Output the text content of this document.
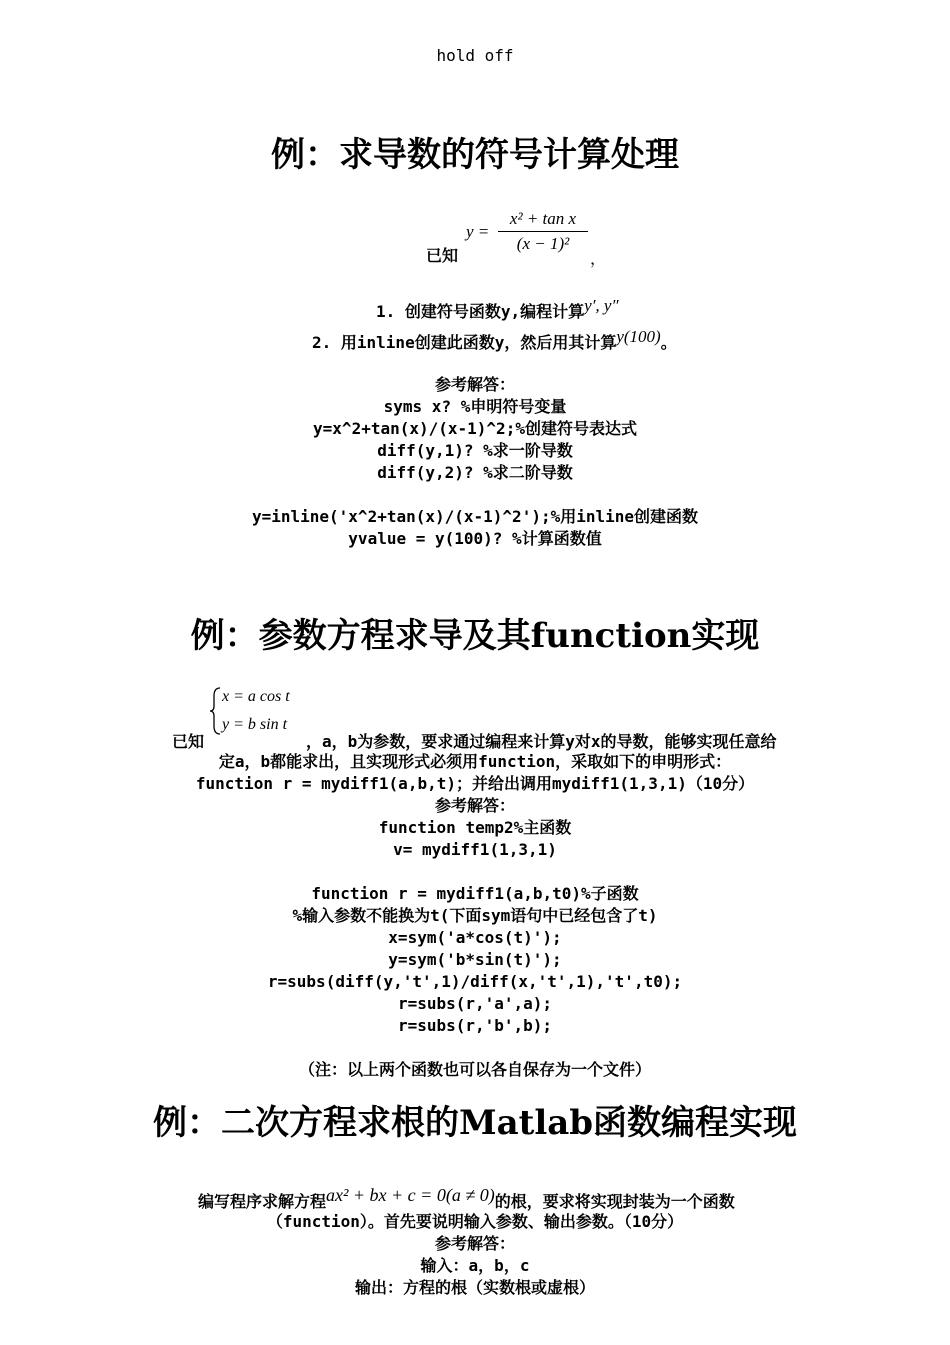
hold off
例：求导数的符号计算处理
已知
$y = \frac{\text{x² + tan x}}{\text{(x − 1)²}}$
，
1. 创建符号函数y,编程计算y′, y″
2. 用inline创建此函数y，然后用其计算y(100)。
参考解答：
syms x? %申明符号变量
y=x^2+tan(x)/(x-1)^2;%创建符号表达式
diff(y,1)? %求一阶导数
diff(y,2)? %求二阶导数
y=inline('x^2+tan(x)/(x-1)^2');%用inline创建函数
yvalue = y(100)? %计算函数值
例：参数方程求导及其function实现
已知
x = a cos t
y = b sin t
，a，b为参数，要求通过编程来计算y对x的导数，能够实现任意给
定a，b都能求出，且实现形式必须用function，采取如下的申明形式：
function r = mydiff1(a,b,t)；并给出调用mydiff1(1,3,1)（10分）
参考解答：
function temp2%主函数
v= mydiff1(1,3,1)
function r = mydiff1(a,b,t0)%子函数
%输入参数不能换为t(下面sym语句中已经包含了t)
x=sym('a*cos(t)');
y=sym('b*sin(t)');
r=subs(diff(y,'t',1)/diff(x,'t',1),'t',t0);
r=subs(r,'a',a);
r=subs(r,'b',b);
（注：以上两个函数也可以各自保存为一个文件）
例：二次方程求根的Matlab函数编程实现
编写程序求解方程ax² + bx + c = 0(a ≠ 0)的根，要求将实现封装为一个函数
（function）。首先要说明输入参数、输出参数。（10分）
参考解答：
输入：a，b，c
输出：方程的根（实数根或虚根）
